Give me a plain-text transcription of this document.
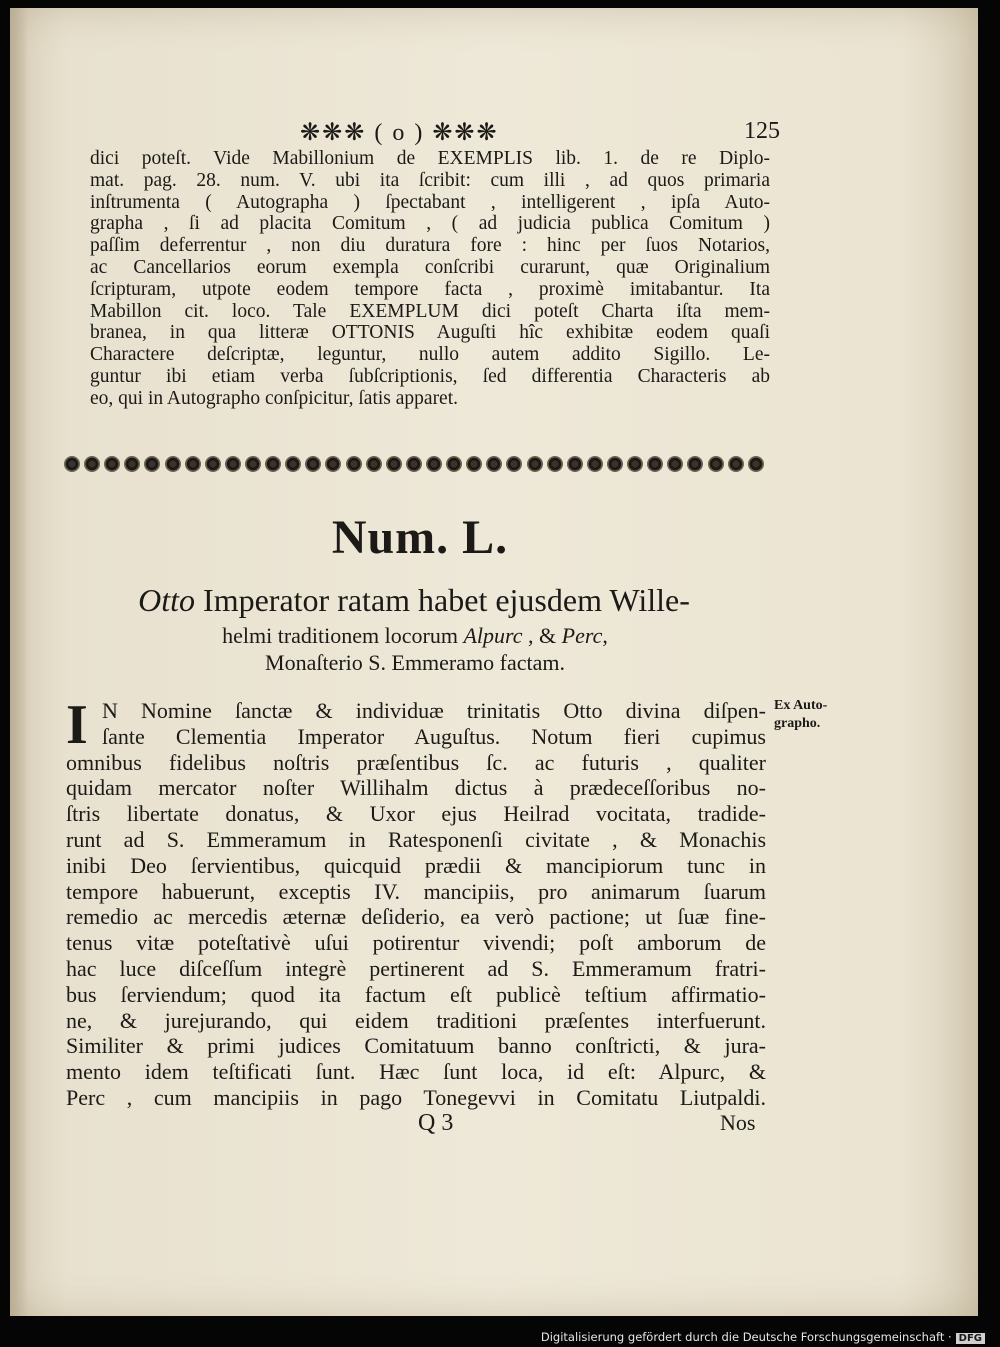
❋❋❋ ( o ) ❋❋❋	125
dici poteſt. Vide Mabillonium de EXEMPLIS lib. 1. de re Diplo-
mat. pag. 28. num. V. ubi ita ſcribit: cum illi , ad quos primaria
inſtrumenta ( Autographa ) ſpectabant , intelligerent , ipſa Auto-
grapha , ſi ad placita Comitum , ( ad judicia publica Comitum )
paſſim deferrentur , non diu duratura fore : hinc per ſuos Notarios,
ac Cancellarios eorum exempla conſcribi curarunt, quæ Originalium
ſcripturam, utpote eodem tempore facta , proximè imitabantur. Ita
Mabillon cit. loco. Tale EXEMPLUM dici poteſt Charta iſta mem-
branea, in qua litteræ OTTONIS Auguſti hîc exhibitæ eodem quaſi
Charactere deſcriptæ, leguntur, nullo autem addito Sigillo. Le-
guntur ibi etiam verba ſubſcriptionis, ſed differentia Characteris ab
eo, qui in Autographo conſpicitur, ſatis apparet.
Num. L.
Otto Imperator ratam habet ejusdem Wille-
helmi traditionem locorum Alpurc , & Perc,
Monaſterio S. Emmeramo factam.
Ex Auto- grapho.
I N Nomine ſanctæ & individuæ trinitatis Otto divina diſpen-
ſante Clementia Imperator Auguſtus. Notum fieri cupimus
omnibus fidelibus noſtris præſentibus ſc. ac futuris , qualiter
quidam mercator noſter Willihalm dictus à prædeceſſoribus no-
ſtris libertate donatus, & Uxor ejus Heilrad vocitata, tradide-
runt ad S. Emmeramum in Ratesponenſi civitate , & Monachis
inibi Deo ſervientibus, quicquid prædii & mancipiorum tunc in
tempore habuerunt, exceptis IV. mancipiis, pro animarum ſuarum
remedio ac mercedis æternæ deſiderio, ea verò pactione; ut ſuæ fine-
tenus vitæ poteſtativè uſui potirentur vivendi; poſt amborum de
hac luce diſceſſum integrè pertinerent ad S. Emmeramum fratri-
bus ſerviendum; quod ita factum eſt publicè teſtium affirmatio-
ne, & jurejurando, qui eidem traditioni præſentes interfuerunt.
Similiter & primi judices Comitatuum banno conſtricti, & jura-
mento idem teſtificati ſunt. Hæc ſunt loca, id eſt: Alpurc, &
Perc , cum mancipiis in pago Tonegevvi in Comitatu Liutpaldi.
Q 3	Nos
Digitalisierung gefördert durch die Deutsche Forschungsgemeinschaft · DFG
